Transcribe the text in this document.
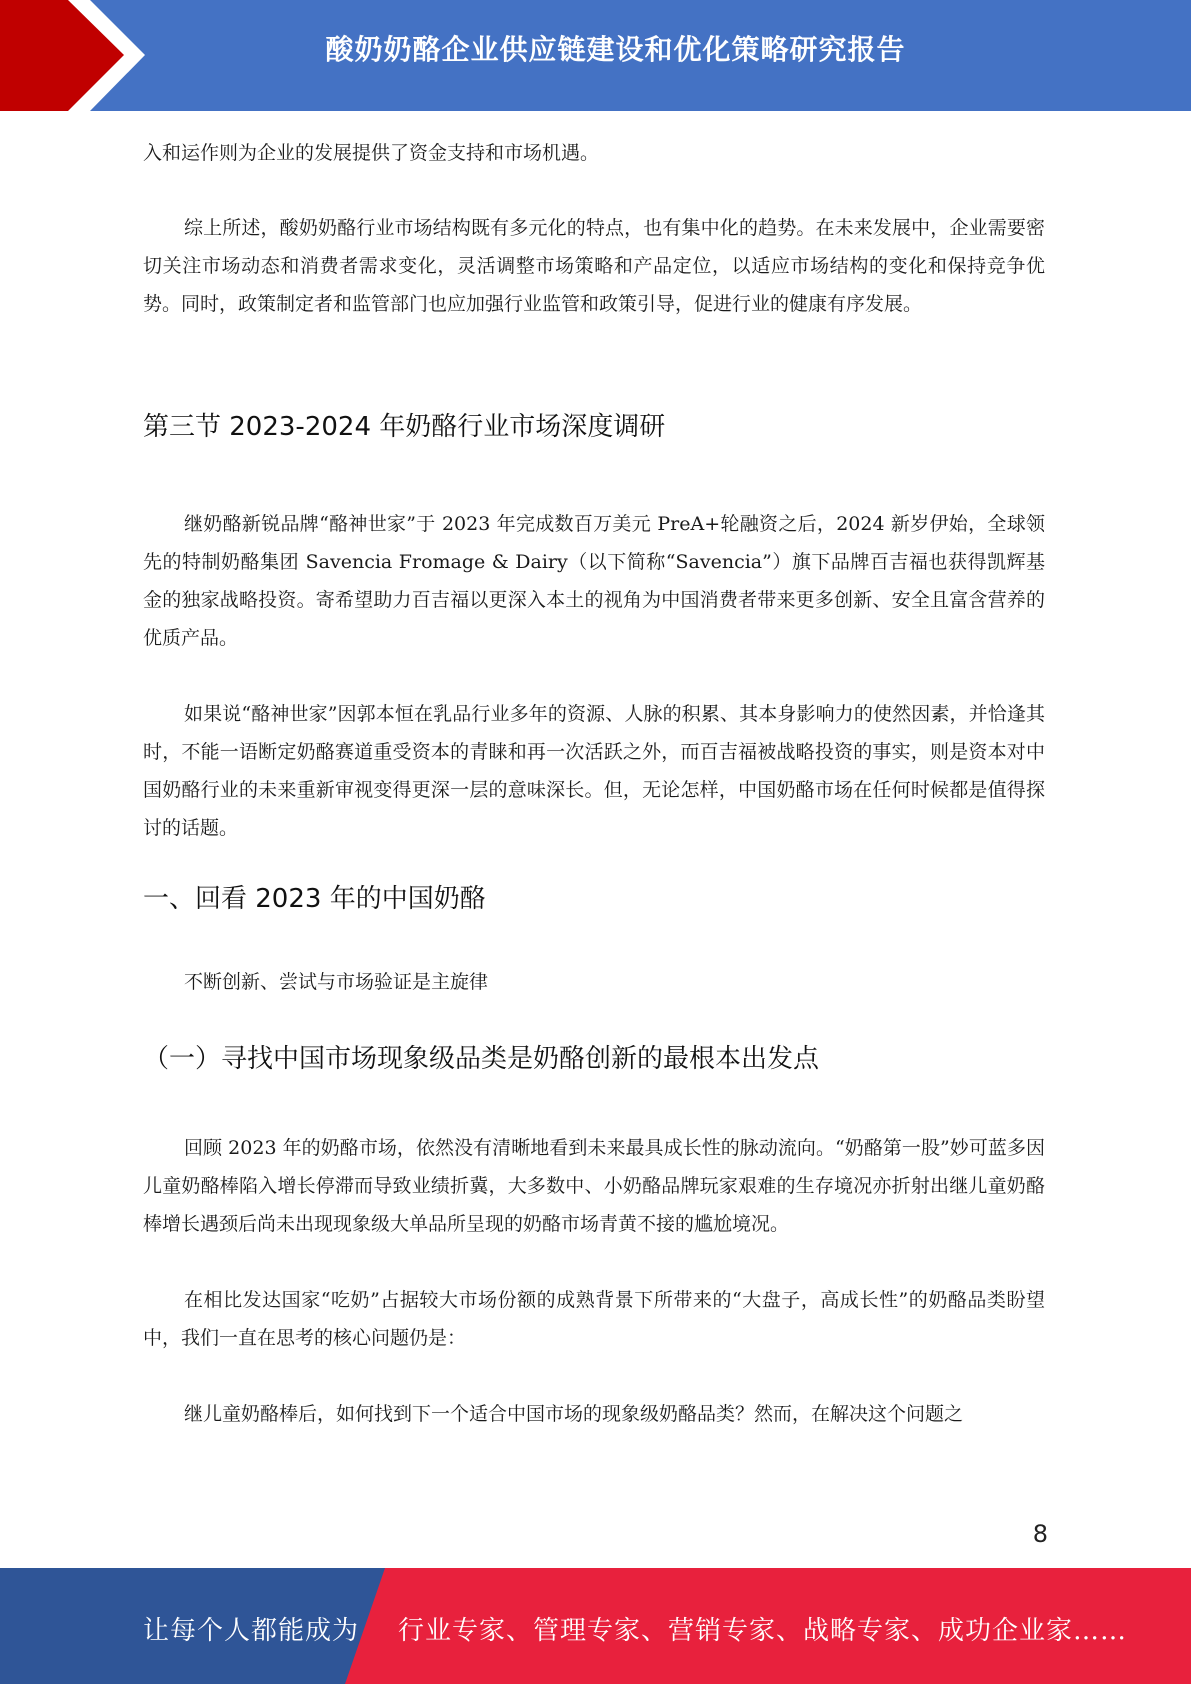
酸奶奶酪企业供应链建设和优化策略研究报告

入和运作则为企业的发展提供了资金支持和市场机遇。

综上所述，酸奶奶酪行业市场结构既有多元化的特点，也有集中化的趋势。在未来发展中，企业需要密切关注市场动态和消费者需求变化，灵活调整市场策略和产品定位，以适应市场结构的变化和保持竞争优势。同时，政策制定者和监管部门也应加强行业监管和政策引导，促进行业的健康有序发展。

第三节 2023-2024 年奶酪行业市场深度调研

继奶酪新锐品牌“酪神世家”于 2023 年完成数百万美元 PreA+轮融资之后，2024 新岁伊始，全球领先的特制奶酪集团 Savencia Fromage & Dairy（以下简称“Savencia”）旗下品牌百吉福也获得凯辉基金的独家战略投资。寄希望助力百吉福以更深入本土的视角为中国消费者带来更多创新、安全且富含营养的优质产品。

如果说“酪神世家”因郭本恒在乳品行业多年的资源、人脉的积累、其本身影响力的使然因素，并恰逢其时，不能一语断定奶酪赛道重受资本的青睐和再一次活跃之外，而百吉福被战略投资的事实，则是资本对中国奶酪行业的未来重新审视变得更深一层的意味深长。但，无论怎样，中国奶酪市场在任何时候都是值得探讨的话题。

一、回看 2023 年的中国奶酪

不断创新、尝试与市场验证是主旋律

（一）寻找中国市场现象级品类是奶酪创新的最根本出发点

回顾 2023 年的奶酪市场，依然没有清晰地看到未来最具成长性的脉动流向。“奶酪第一股”妙可蓝多因儿童奶酪棒陷入增长停滞而导致业绩折冀，大多数中、小奶酪品牌玩家艰难的生存境况亦折射出继儿童奶酪棒增长遇颈后尚未出现现象级大单品所呈现的奶酪市场青黄不接的尴尬境况。

在相比发达国家“吃奶”占据较大市场份额的成熟背景下所带来的“大盘子，高成长性”的奶酪品类盼望中，我们一直在思考的核心问题仍是：

继儿童奶酪棒后，如何找到下一个适合中国市场的现象级奶酪品类？然而，在解决这个问题之

8
让每个人都能成为 行业专家、管理专家、营销专家、战略专家、成功企业家……
